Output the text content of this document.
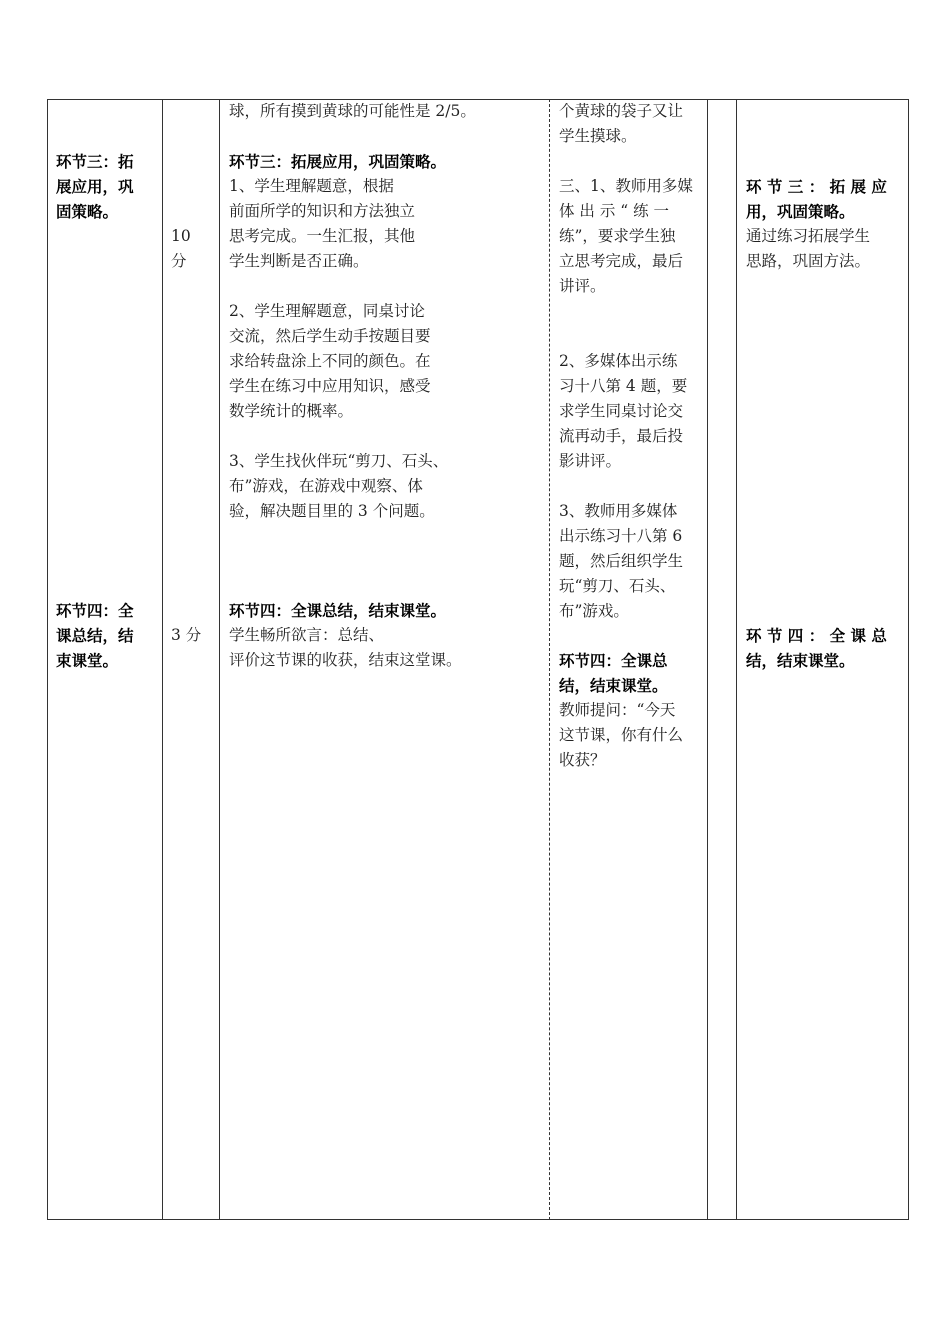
环节三：拓
展应用，巩
固策略。
环节四：全
课总结，结
束课堂。
10
分
3 分
球，所有摸到黄球的可能性是 2/5。
环节三：拓展应用，巩固策略。
1、学生理解题意，根据
前面所学的知识和方法独立
思考完成。一生汇报，其他
学生判断是否正确。
2、学生理解题意，同桌讨论
交流，然后学生动手按题目要
求给转盘涂上不同的颜色。在
学生在练习中应用知识，感受
数学统计的概率。
3、学生找伙伴玩“剪刀、石头、
布”游戏，在游戏中观察、体
验，解决题目里的 3 个问题。
环节四：全课总结，结束课堂。
学生畅所欲言：总结、
评价这节课的收获，结束这堂课。
个黄球的袋子又让
学生摸球。
三、1、教师用多媒
体 出 示 “ 练 一
练”，要求学生独
立思考完成，最后
讲评。
2、多媒体出示练
习十八第 4 题，要
求学生同桌讨论交
流再动手，最后投
影讲评。
3、教师用多媒体
出示练习十八第 6
题，然后组织学生
玩“剪刀、石头、
布”游戏。
环节四：全课总
结，结束课堂。
教师提问：“今天
这节课，你有什么
收获？
环 节 三 ： 拓 展 应
用，巩固策略。
通过练习拓展学生
思路，巩固方法。
环 节 四 ： 全 课 总
结，结束课堂。
